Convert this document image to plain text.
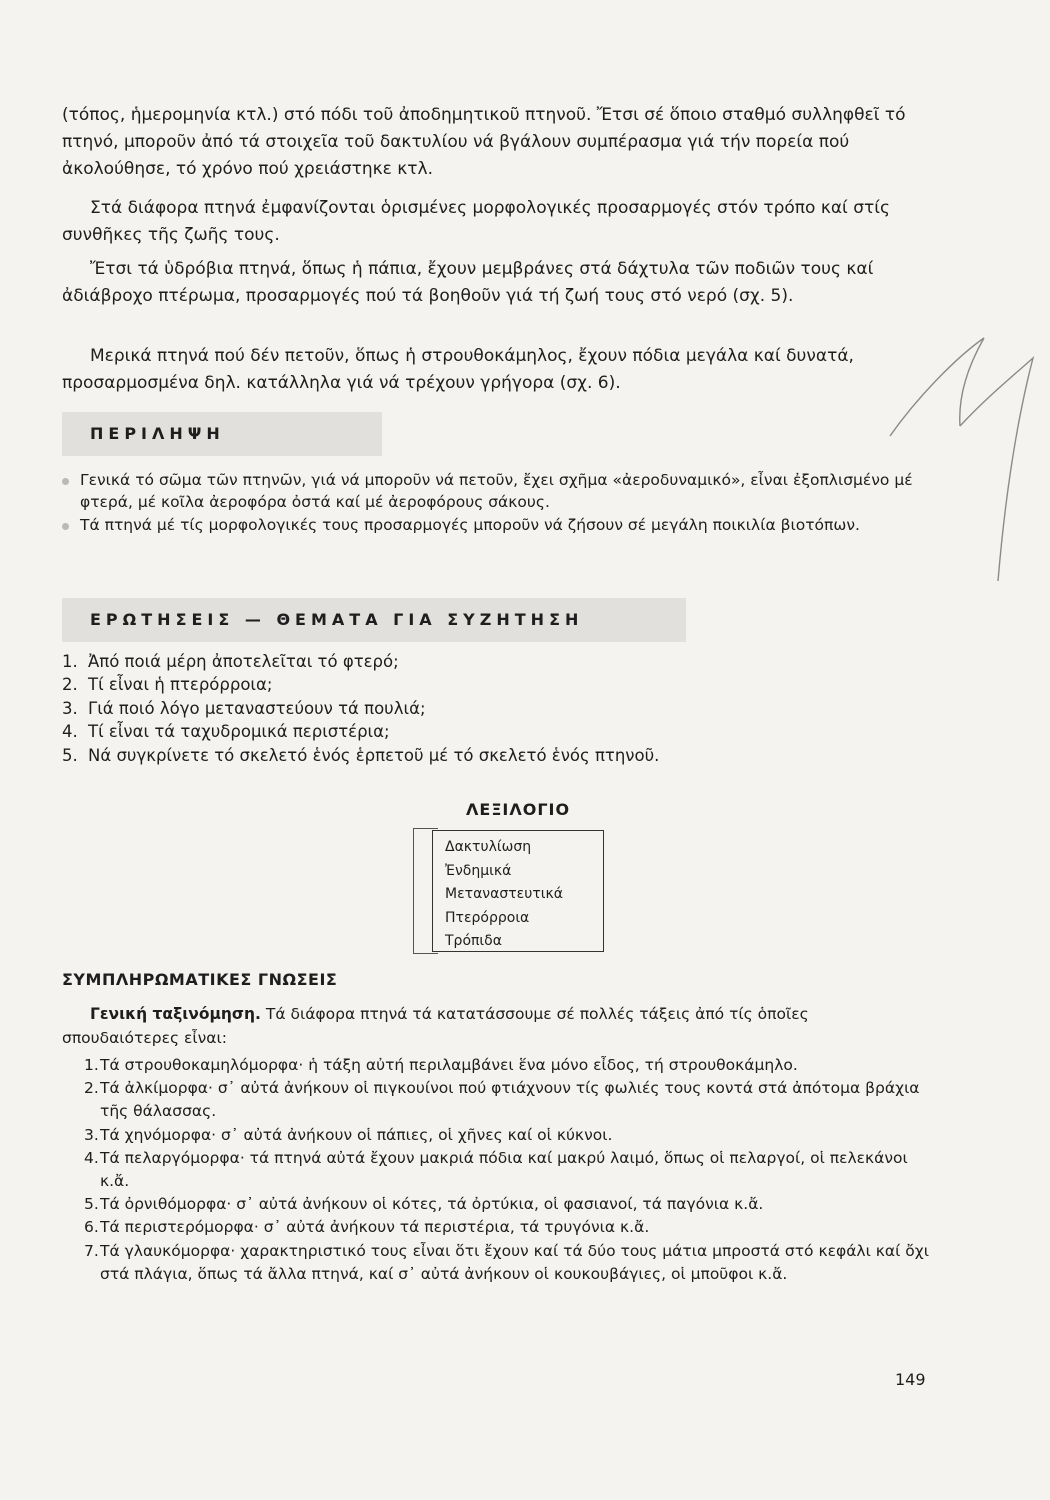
(τόπος, ἡμερομηνία κτλ.) στό πόδι τοῦ ἀποδημητικοῦ πτηνοῦ. Ἔτσι σέ ὅποιο σταθμό συλληφθεῖ τό πτηνό, μποροῦν ἀπό τά στοιχεῖα τοῦ δακτυλίου νά βγάλουν συμπέρασμα γιά τήν πορεία πού ἀκολούθησε, τό χρόνο πού χρειάστηκε κτλ.

Στά διάφορα πτηνά ἐμφανίζονται ὁρισμένες μορφολογικές προσαρμογές στόν τρόπο καί στίς συνθῆκες τῆς ζωῆς τους.

Ἔτσι τά ὑδρόβια πτηνά, ὅπως ἡ πάπια, ἔχουν μεμβράνες στά δάχτυλα τῶν ποδιῶν τους καί ἀδιάβροχο πτέρωμα, προσαρμογές πού τά βοηθοῦν γιά τή ζωή τους στό νερό (σχ. 5).

Μερικά πτηνά πού δέν πετοῦν, ὅπως ἡ στρουθοκάμηλος, ἔχουν πόδια μεγάλα καί δυνατά, προσαρμοσμένα δηλ. κατάλληλα γιά νά τρέχουν γρήγορα (σχ. 6).

ΠΕΡΙΛΗΨΗ
Γενικά τό σῶμα τῶν πτηνῶν, γιά νά μποροῦν νά πετοῦν, ἔχει σχῆμα «ἀεροδυναμικό», εἶναι ἐξοπλισμένο μέ φτερά, μέ κοῖλα ἀεροφόρα ὀστά καί μέ ἀεροφόρους σάκους.
Τά πτηνά μέ τίς μορφολογικές τους προσαρμογές μποροῦν νά ζήσουν σέ μεγάλη ποικιλία βιοτόπων.
ΕΡΩΤΗΣΕΙΣ — ΘΕΜΑΤΑ ΓΙΑ ΣΥΖΗΤΗΣΗ
1. Ἀπό ποιά μέρη ἀποτελεῖται τό φτερό;
2. Τί εἶναι ἡ πτερόρροια;
3. Γιά ποιό λόγο μεταναστεύουν τά πουλιά;
4. Τί εἶναι τά ταχυδρομικά περιστέρια;
5. Νά συγκρίνετε τό σκελετό ἑνός ἑρπετοῦ μέ τό σκελετό ἑνός πτηνοῦ.
ΛΕΞΙΛΟΓΙΟ
Δακτυλίωση
Ἐνδημικά
Μεταναστευτικά
Πτερόρροια
Τρόπιδα
ΣΥΜΠΛΗΡΩΜΑΤΙΚΕΣ ΓΝΩΣΕΙΣ

Γενική ταξινόμηση. Τά διάφορα πτηνά τά κατατάσσουμε σέ πολλές τάξεις ἀπό τίς ὁποῖες σπουδαιότερες εἶναι:

1. Τά στρουθοκαμηλόμορφα· ἡ τάξη αὐτή περιλαμβάνει ἕνα μόνο εἶδος, τή στρουθοκάμηλο.
2. Τά ἀλκίμορφα· σ᾽ αὐτά ἀνήκουν οἱ πιγκουίνοι πού φτιάχνουν τίς φωλιές τους κοντά στά ἀπότομα βράχια τῆς θάλασσας.
3. Τά χηνόμορφα· σ᾽ αὐτά ἀνήκουν οἱ πάπιες, οἱ χῆνες καί οἱ κύκνοι.
4. Τά πελαργόμορφα· τά πτηνά αὐτά ἔχουν μακριά πόδια καί μακρύ λαιμό, ὅπως οἱ πελαργοί, οἱ πελεκάνοι κ.ἄ.
5. Τά ὀρνιθόμορφα· σ᾽ αὐτά ἀνήκουν οἱ κότες, τά ὀρτύκια, οἱ φασιανοί, τά παγόνια κ.ἄ.
6. Τά περιστερόμορφα· σ᾽ αὐτά ἀνήκουν τά περιστέρια, τά τρυγόνια κ.ἄ.
7. Τά γλαυκόμορφα· χαρακτηριστικό τους εἶναι ὅτι ἔχουν καί τά δύο τους μάτια μπροστά στό κεφάλι καί ὄχι στά πλάγια, ὅπως τά ἄλλα πτηνά, καί σ᾽ αὐτά ἀνήκουν οἱ κουκουβάγιες, οἱ μποῦφοι κ.ἄ.

149
